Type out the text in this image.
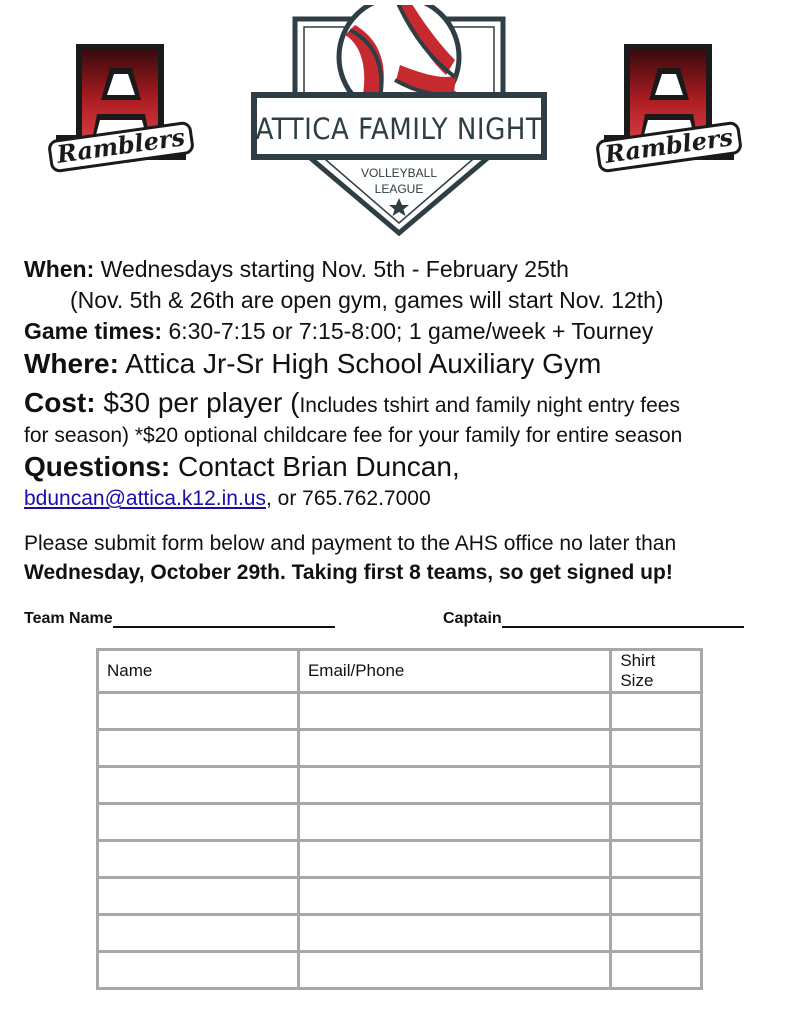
Ramblers ATTICA FAMILY NIGHT
VOLLEYBALL
LEAGUE
Ramblers
When: Wednesdays starting Nov. 5th - February 25th
(Nov. 5th & 26th are open gym, games will start Nov. 12th)
Game times: 6:30-7:15 or 7:15-8:00; 1 game/week + Tourney
Where: Attica Jr-Sr High School Auxiliary Gym
Cost: $30 per player (Includes tshirt and family night entry fees
for season) *$20 optional childcare fee for your family for entire season
Questions: Contact Brian Duncan,
bduncan@attica.k12.in.us, or 765.762.7000
Please submit form below and payment to the AHS office no later than
Wednesday, October 29th. Taking first 8 teams, so get signed up!
Team Name	Captain
Name	Email/Phone	Shirt Size
